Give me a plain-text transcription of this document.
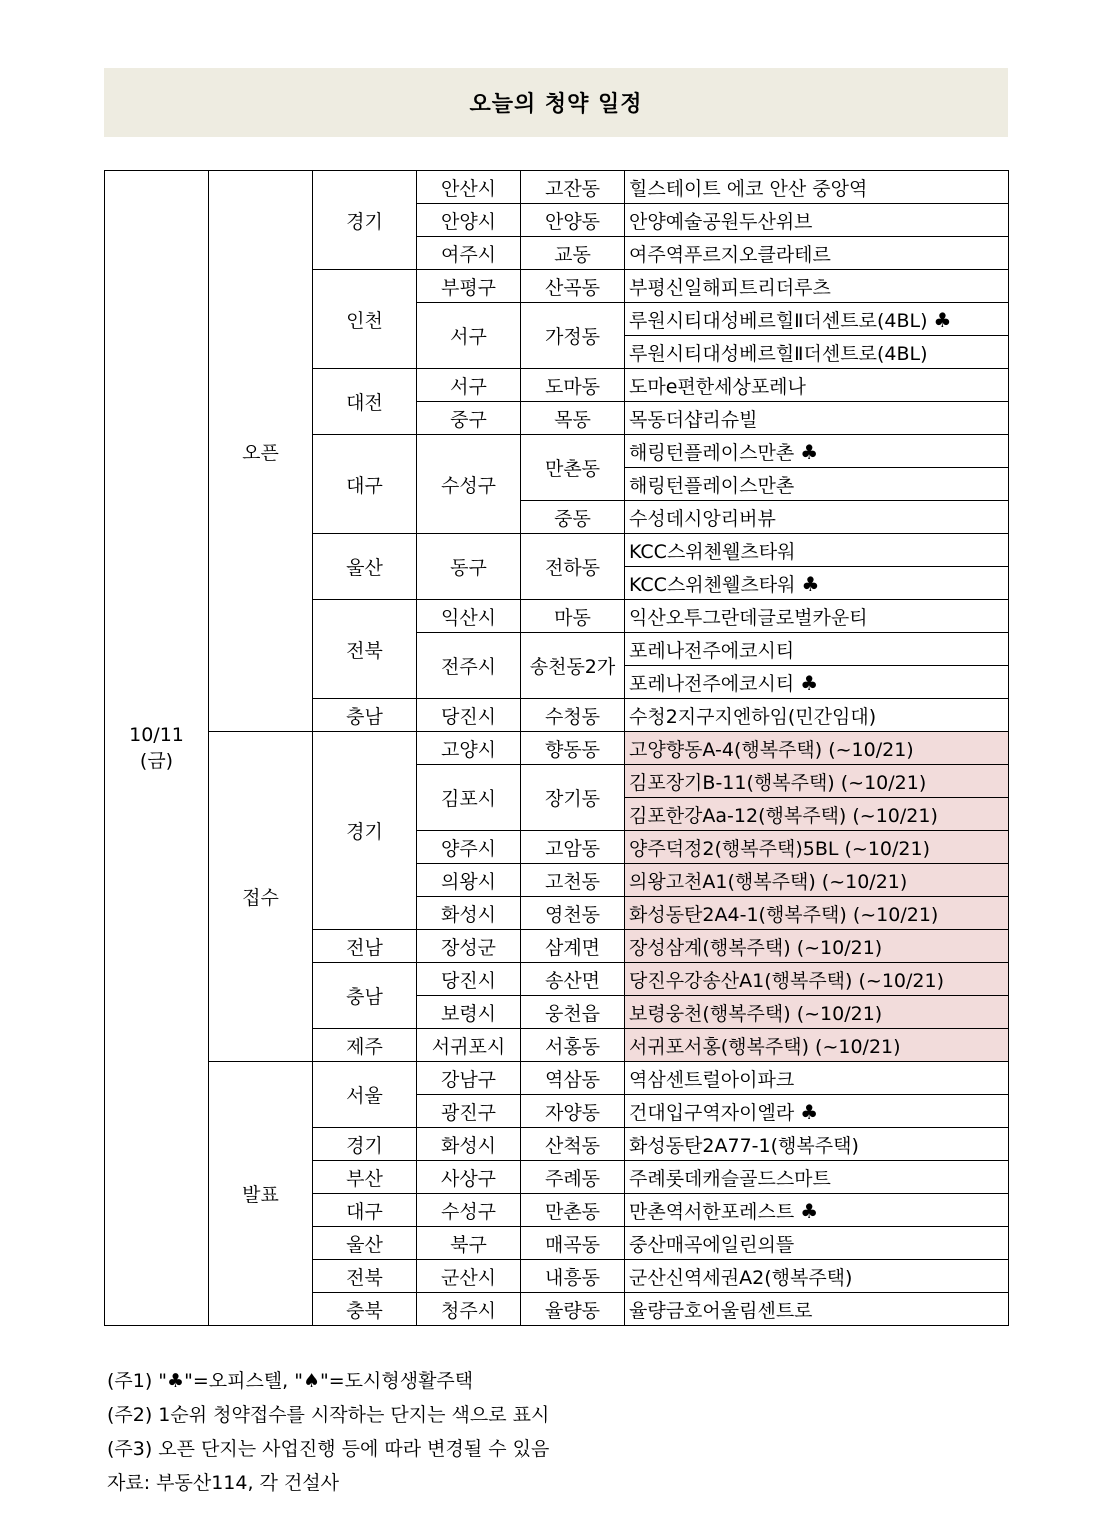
오늘의 청약 일정
10/11
(금)	오픈	경기	안산시	고잔동	힐스테이트 에코 안산 중앙역
			안양시	안양동	안양예술공원두산위브
			여주시	교동	여주역푸르지오클라테르
		인천	부평구	산곡동	부평신일해피트리더루츠
			서구	가정동	루원시티대성베르힐Ⅱ더센트로(4BL) ♣
					루원시티대성베르힐Ⅱ더센트로(4BL)
		대전	서구	도마동	도마e편한세상포레나
			중구	목동	목동더샵리슈빌
		대구	수성구	만촌동	해링턴플레이스만촌 ♣
					해링턴플레이스만촌
				중동	수성데시앙리버뷰
		울산	동구	전하동	KCC스위첸웰츠타워
					KCC스위첸웰츠타워 ♣
		전북	익산시	마동	익산오투그란데글로벌카운티
			전주시	송천동2가	포레나전주에코시티
					포레나전주에코시티 ♣
		충남	당진시	수청동	수청2지구지엔하임(민간임대)
	접수	경기	고양시	향동동	고양향동A-4(행복주택) (~10/21)
			김포시	장기동	김포장기B-11(행복주택) (~10/21)
					김포한강Aa-12(행복주택) (~10/21)
			양주시	고암동	양주덕정2(행복주택)5BL (~10/21)
			의왕시	고천동	의왕고천A1(행복주택) (~10/21)
			화성시	영천동	화성동탄2A4-1(행복주택) (~10/21)
		전남	장성군	삼계면	장성삼계(행복주택) (~10/21)
		충남	당진시	송산면	당진우강송산A1(행복주택) (~10/21)
			보령시	웅천읍	보령웅천(행복주택) (~10/21)
		제주	서귀포시	서홍동	서귀포서홍(행복주택) (~10/21)
	발표	서울	강남구	역삼동	역삼센트럴아이파크
			광진구	자양동	건대입구역자이엘라 ♣
		경기	화성시	산척동	화성동탄2A77-1(행복주택)
		부산	사상구	주례동	주례롯데캐슬골드스마트
		대구	수성구	만촌동	만촌역서한포레스트 ♣
		울산	북구	매곡동	중산매곡에일린의뜰
		전북	군산시	내흥동	군산신역세권A2(행복주택)
		충북	청주시	율량동	율량금호어울림센트로
(주1) "♣"=오피스텔, "♠"=도시형생활주택
(주2) 1순위 청약접수를 시작하는 단지는 색으로 표시
(주3) 오픈 단지는 사업진행 등에 따라 변경될 수 있음
자료: 부동산114, 각 건설사
